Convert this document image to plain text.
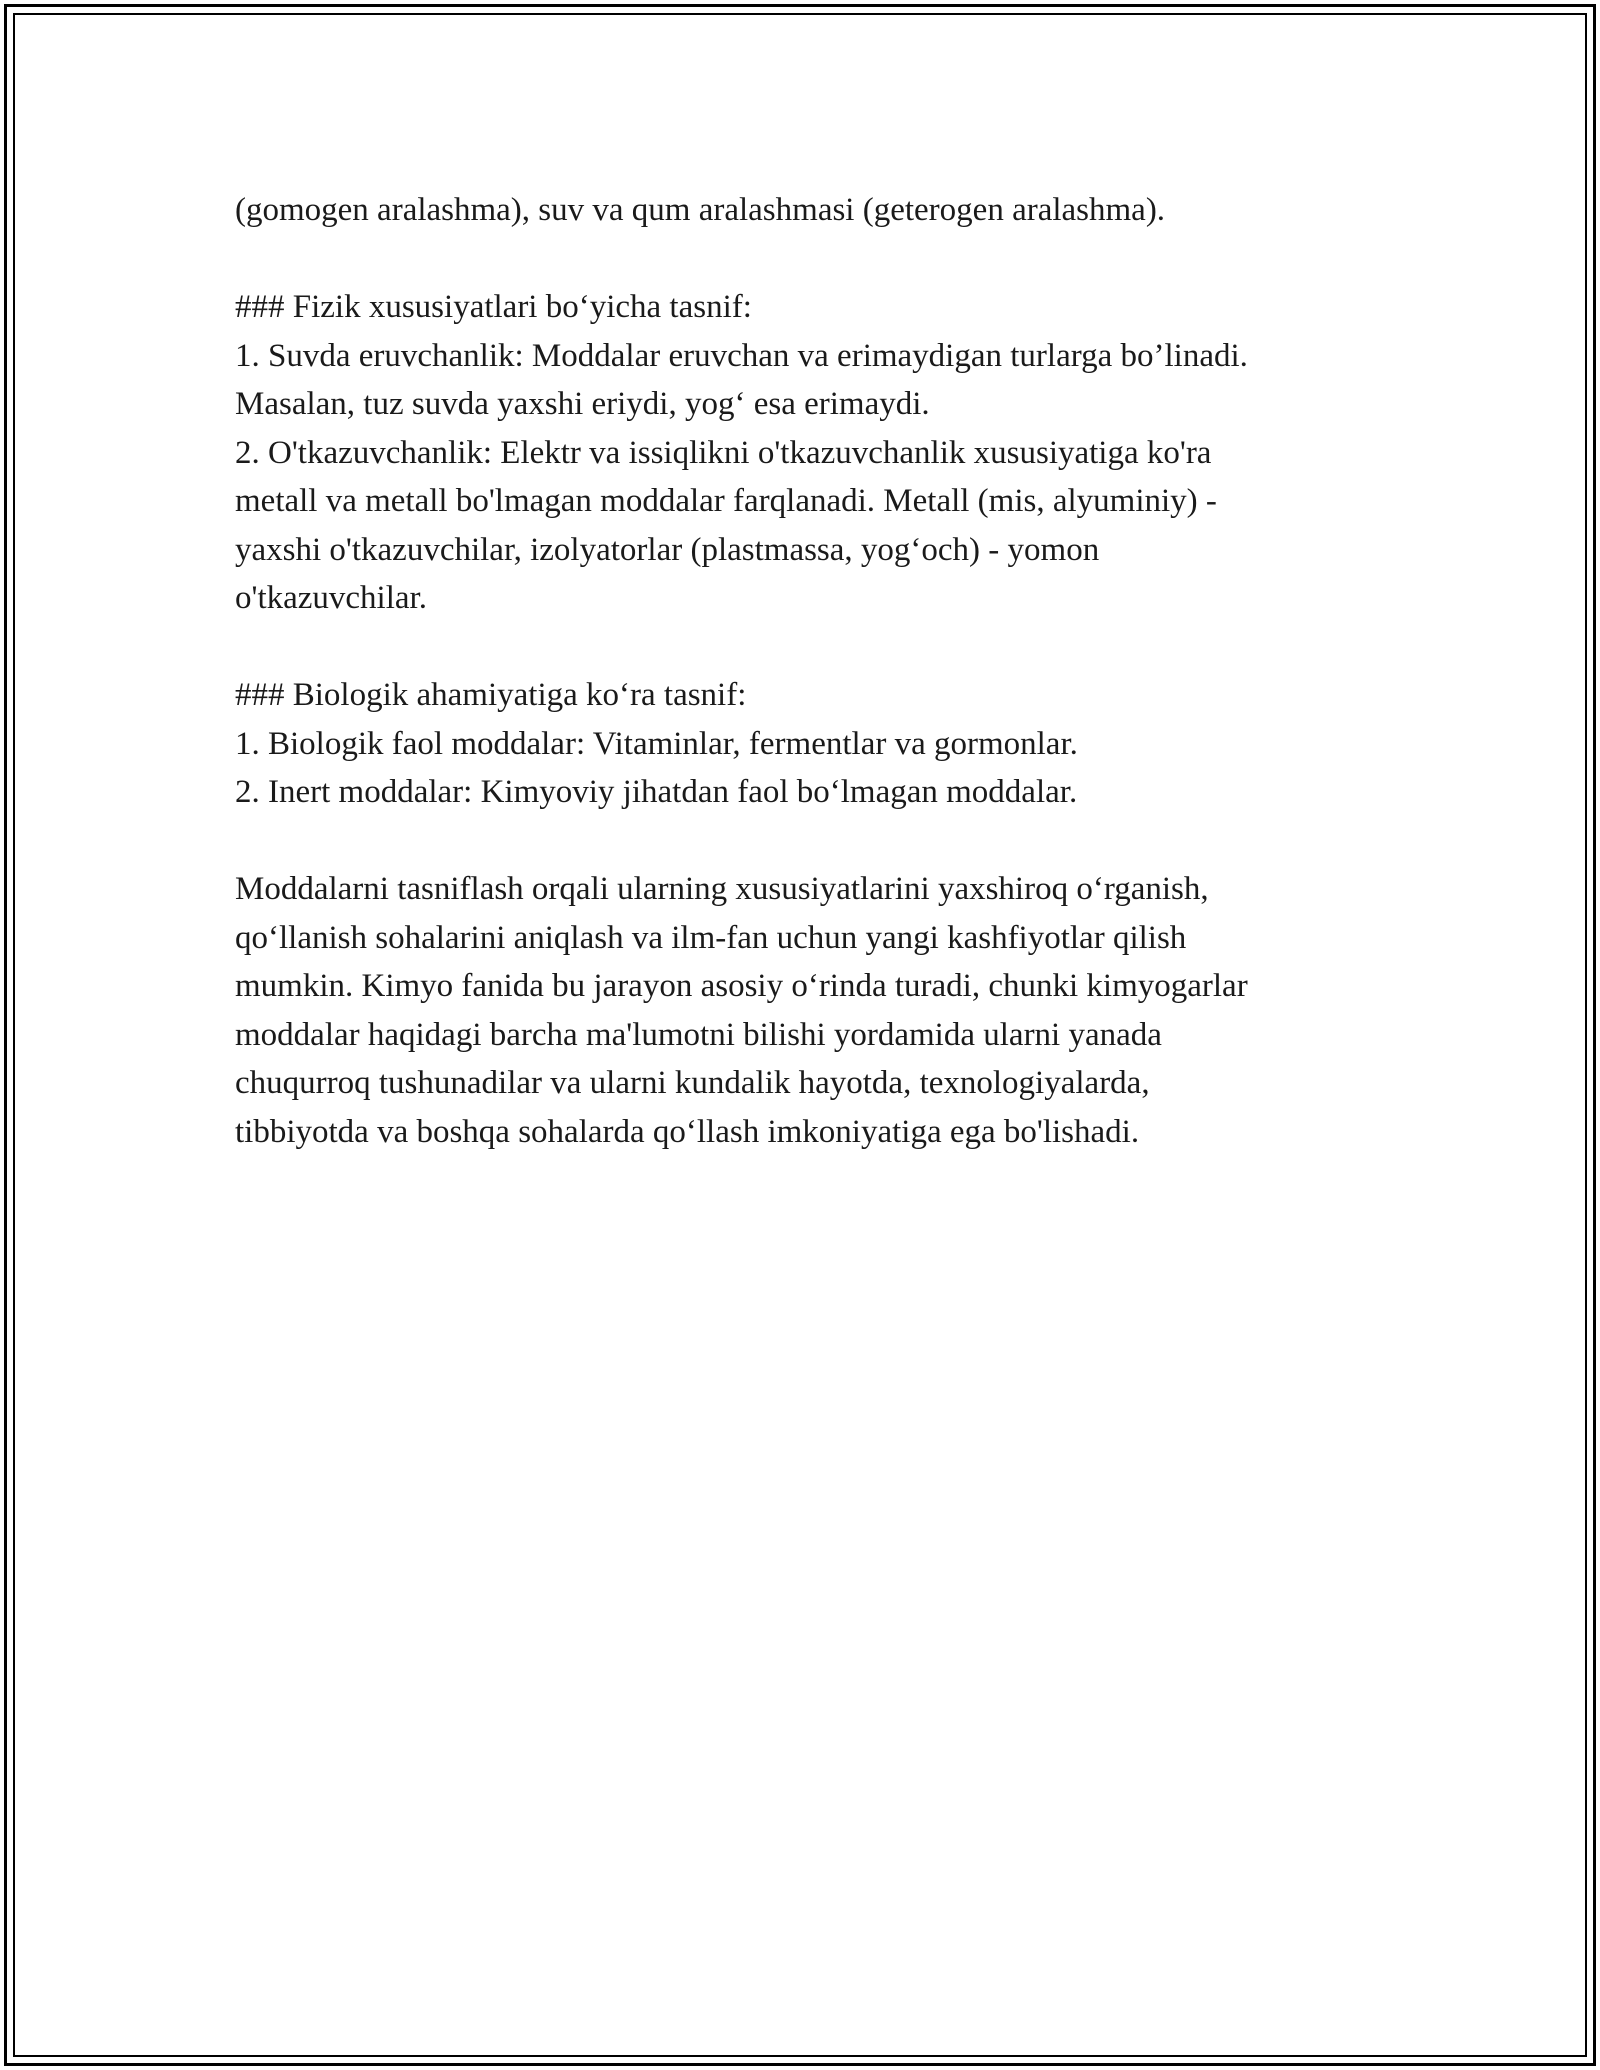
(gomogen aralashma), suv va qum aralashmasi (geterogen aralashma).
### Fizik xususiyatlari bo‘yicha tasnif:
1. Suvda eruvchanlik: Moddalar eruvchan va erimaydigan turlarga bo’linadi.
Masalan, tuz suvda yaxshi eriydi, yog‘ esa erimaydi.
2. O'tkazuvchanlik: Elektr va issiqlikni o'tkazuvchanlik xususiyatiga ko'ra
metall va metall bo'lmagan moddalar farqlanadi. Metall (mis, alyuminiy) -
yaxshi o'tkazuvchilar, izolyatorlar (plastmassa, yog‘och) - yomon
o'tkazuvchilar.
### Biologik ahamiyatiga ko‘ra tasnif:
1. Biologik faol moddalar: Vitaminlar, fermentlar va gormonlar.
2. Inert moddalar: Kimyoviy jihatdan faol bo‘lmagan moddalar.
Moddalarni tasniflash orqali ularning xususiyatlarini yaxshiroq o‘rganish,
qo‘llanish sohalarini aniqlash va ilm-fan uchun yangi kashfiyotlar qilish
mumkin. Kimyo fanida bu jarayon asosiy o‘rinda turadi, chunki kimyogarlar
moddalar haqidagi barcha ma'lumotni bilishi yordamida ularni yanada
chuqurroq tushunadilar va ularni kundalik hayotda, texnologiyalarda,
tibbiyotda va boshqa sohalarda qo‘llash imkoniyatiga ega bo'lishadi.
